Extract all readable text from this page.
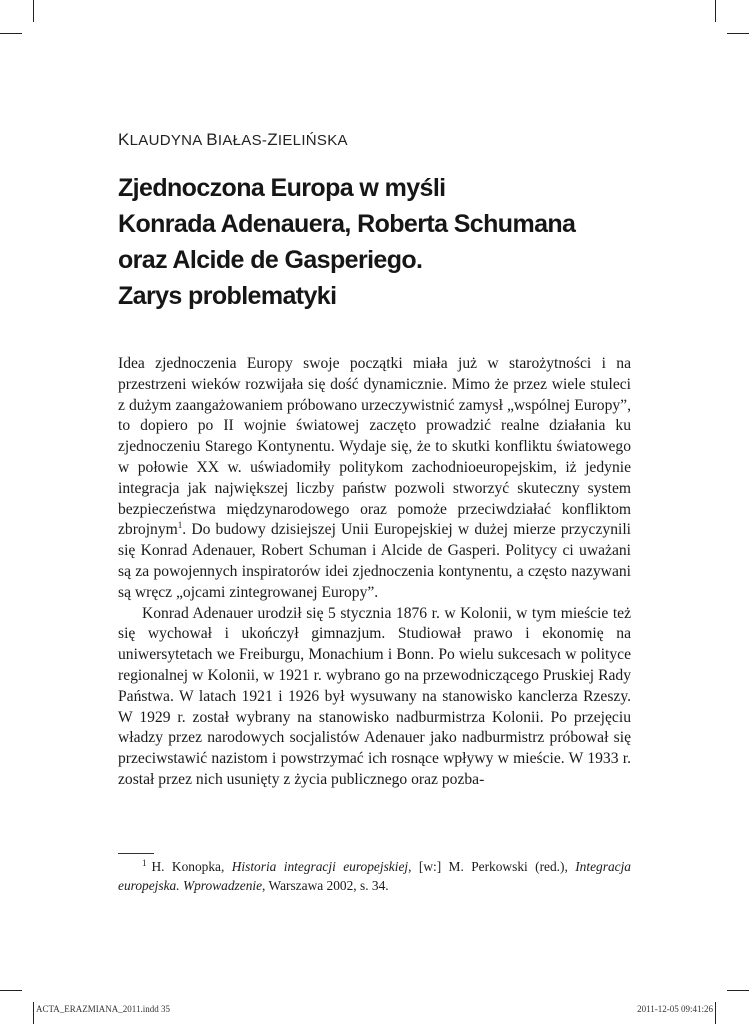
KLAUDYNA BIAŁAS-ZIELIŃSKA
Zjednoczona Europa w myśli
Konrada Adenauera, Roberta Schumana
oraz Alcide de Gasperiego.
Zarys problematyki

Idea zjednoczenia Europy swoje początki miała już w starożytności i na przestrzeni wieków rozwijała się dość dynamicznie. Mimo że przez wiele stuleci z dużym zaangażowaniem próbowano urzeczywistnić zamysł „wspólnej Europy”, to dopiero po II wojnie światowej zaczęto prowadzić realne działania ku zjednoczeniu Starego Kontynentu. Wydaje się, że to skutki konfliktu światowego w połowie XX w. uświadomiły politykom zachodnioeuropejskim, iż jedynie integracja jak największej liczby państw pozwoli stworzyć skuteczny system bezpieczeństwa międzynarodowego oraz pomoże przeciwdziałać konfliktom zbrojnym$^1$. Do budowy dzisiejszej Unii Europejskiej w dużej mierze przyczynili się Konrad Adenauer, Robert Schuman i Alcide de Gasperi. Politycy ci uważani są za powojennych inspiratorów idei zjednoczenia kontynentu, a często nazywani są wręcz „ojcami zintegrowanej Europy”.

Konrad Adenauer urodził się 5 stycznia 1876 r. w Kolonii, w tym mieście też się wychował i ukończył gimnazjum. Studiował prawo i ekonomię na uniwersytetach we Freiburgu, Monachium i Bonn. Po wielu sukcesach w polityce regionalnej w Kolonii, w 1921 r. wybrano go na przewodniczącego Pruskiej Rady Państwa. W latach 1921 i 1926 był wysuwany na stanowisko kanclerza Rzeszy. W 1929 r. został wybrany na stanowisko nadburmistrza Kolonii. Po przejęciu władzy przez narodowych socjalistów Adenauer jako nadburmistrz próbował się przeciwstawić nazistom i powstrzymać ich rosnące wpływy w mieście. W 1933 r. został przez nich usunięty z życia publicznego oraz pozba-

1 H. Konopka, Historia integracji europejskiej, [w:] M. Perkowski (red.), Integracja europejska. Wprowadzenie, Warszawa 2002, s. 34.
ACTA_ERAZMIANA_2011.indd 35	2011-12-05 09:41:26
